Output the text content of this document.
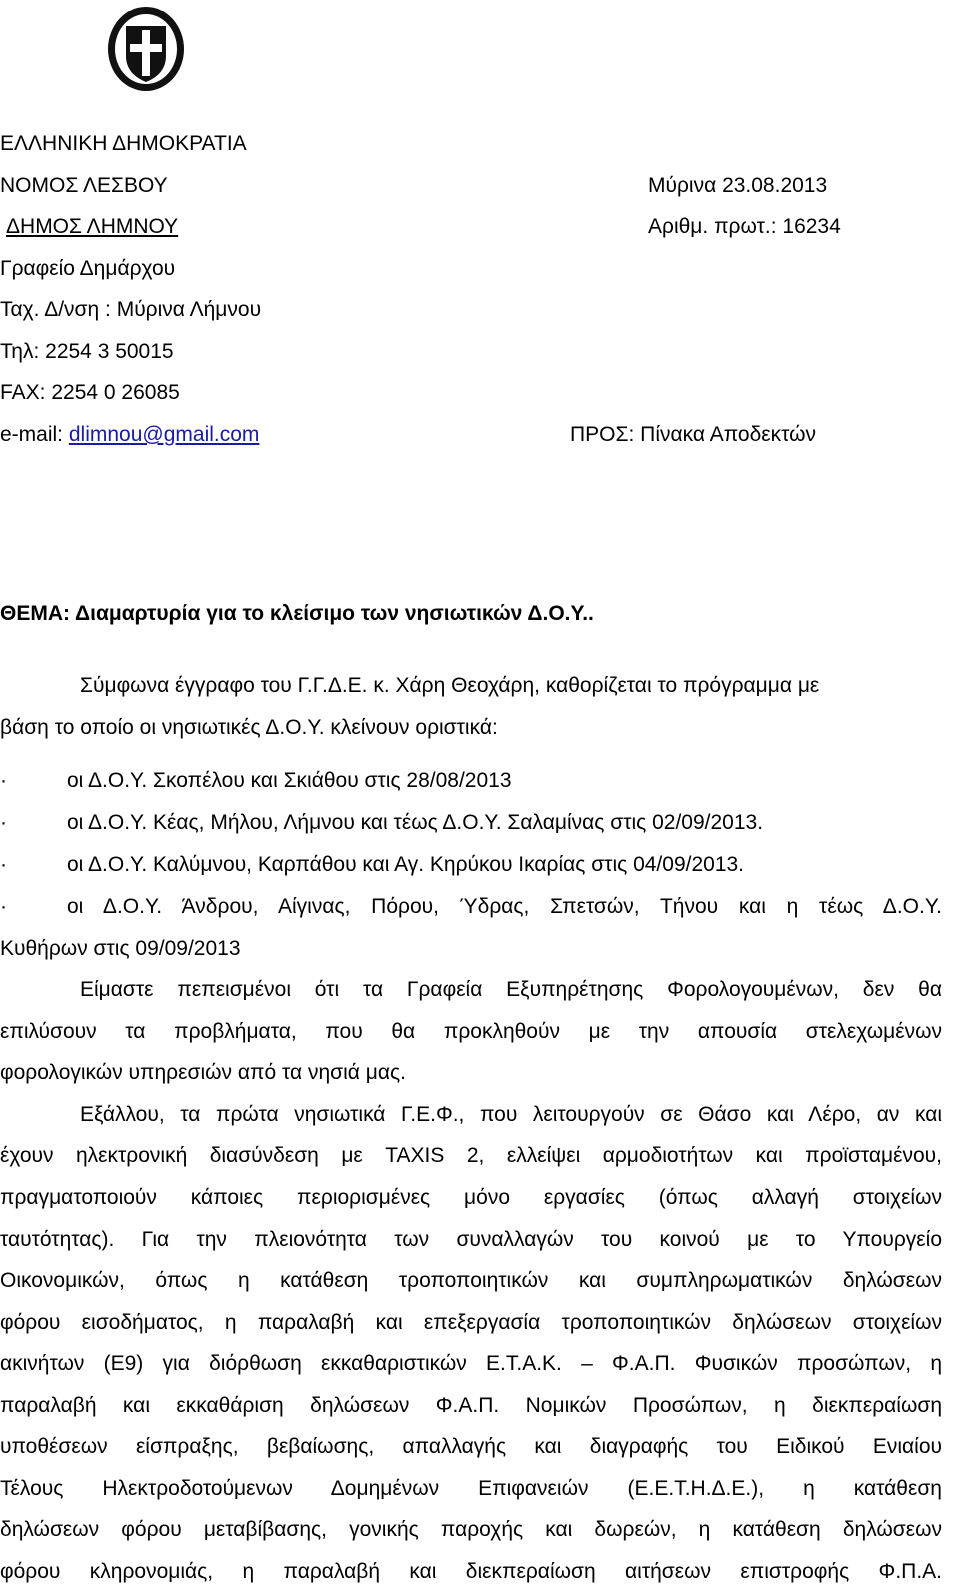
ΕΛΛΗΝΙΚΗ ΔΗΜΟΚΡΑΤΙΑ
ΝΟΜΟΣ ΛΕΣΒΟΥ
ΔΗΜΟΣ ΛΗΜΝΟΥ
Γραφείο Δημάρχου
Ταχ. Δ/νση : Μύρινα Λήμνου
Τηλ: 2254 3 50015
FAX: 2254 0 26085
e-mail: dlimnou@gmail.com
Μύρινα 23.08.2013
Αριθμ. πρωτ.: 16234
ΠΡΟΣ: Πίνακα Αποδεκτών
ΘΕΜΑ: Διαμαρτυρία για το κλείσιμο των νησιωτικών Δ.Ο.Υ..
Σύμφωνα έγγραφο του Γ.Γ.Δ.Ε. κ. Χάρη Θεοχάρη, καθορίζεται το πρόγραμμα με
βάση το οποίο οι νησιωτικές Δ.Ο.Υ. κλείνουν οριστικά:
·	οι Δ.Ο.Υ. Σκοπέλου και Σκιάθου στις 28/08/2013
·	οι Δ.Ο.Υ. Κέας, Μήλου, Λήμνου και τέως Δ.Ο.Υ. Σαλαμίνας στις 02/09/2013.
·	οι Δ.Ο.Υ. Καλύμνου, Καρπάθου και Αγ. Κηρύκου Ικαρίας στις 04/09/2013.
·	οι Δ.Ο.Υ. Άνδρου, Αίγινας, Πόρου, Ύδρας, Σπετσών, Τήνου και η τέως Δ.Ο.Υ.
Κυθήρων στις 09/09/2013
Είμαστε πεπεισμένοι ότι τα Γραφεία Εξυπηρέτησης Φορολογουμένων, δεν θα
επιλύσουν τα προβλήματα, που θα προκληθούν με την απουσία στελεχωμένων
φορολογικών υπηρεσιών από τα νησιά μας.
Εξάλλου, τα πρώτα νησιωτικά Γ.Ε.Φ., που λειτουργούν σε Θάσο και Λέρο, αν και
έχουν ηλεκτρονική διασύνδεση με TAXIS 2, ελλείψει αρμοδιοτήτων και προϊσταμένου,
πραγματοποιούν κάποιες περιορισμένες μόνο εργασίες (όπως αλλαγή στοιχείων
ταυτότητας). Για την πλειονότητα των συναλλαγών του κοινού με το Υπουργείο
Οικονομικών, όπως η κατάθεση τροποποιητικών και συμπληρωματικών δηλώσεων
φόρου εισοδήματος, η παραλαβή και επεξεργασία τροποποιητικών δηλώσεων στοιχείων
ακινήτων (Ε9) για διόρθωση εκκαθαριστικών Ε.Τ.Α.Κ. – Φ.Α.Π. Φυσικών προσώπων, η
παραλαβή και εκκαθάριση δηλώσεων Φ.Α.Π. Νομικών Προσώπων, η διεκπεραίωση
υποθέσεων είσπραξης, βεβαίωσης, απαλλαγής και διαγραφής του Ειδικού Ενιαίου
Τέλους Ηλεκτροδοτούμενων Δομημένων Επιφανειών (Ε.Ε.Τ.Η.Δ.Ε.), η κατάθεση
δηλώσεων φόρου μεταβίβασης, γονικής παροχής και δωρεών, η κατάθεση δηλώσεων
φόρου κληρονομιάς, η παραλαβή και διεκπεραίωση αιτήσεων επιστροφής Φ.Π.Α.
